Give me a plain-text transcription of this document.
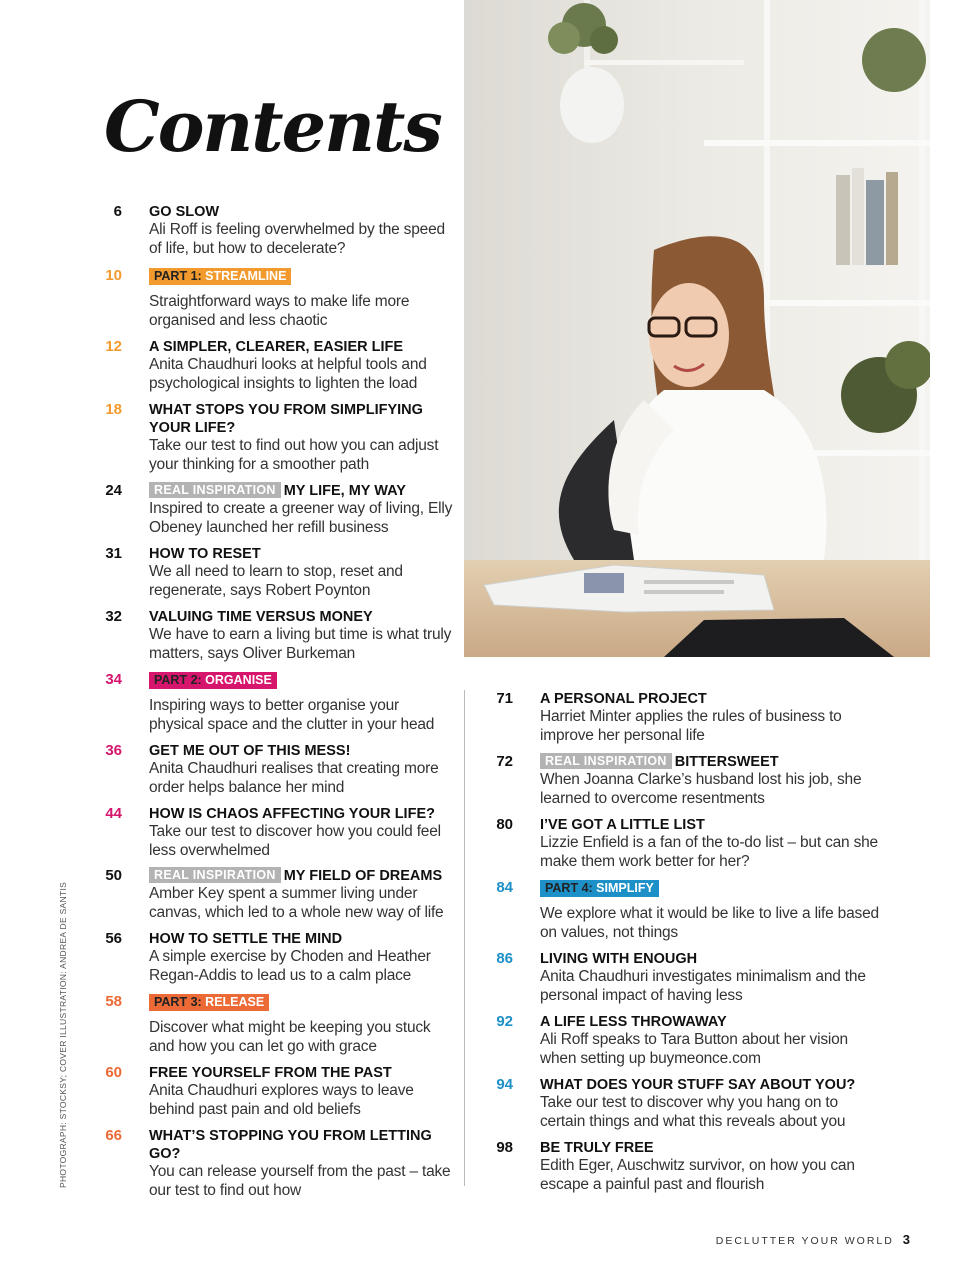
Contents
6 GO SLOW
Ali Roff is feeling overwhelmed by the speed of life, but how to decelerate?
10	PART 1: STREAMLINE
Straightforward ways to make life more organised and less chaotic
12 A SIMPLER, CLEARER, EASIER LIFE
Anita Chaudhuri looks at helpful tools and psychological insights to lighten the load
18 WHAT STOPS YOU FROM SIMPLIFYING YOUR LIFE?
Take our test to find out how you can adjust your thinking for a smoother path
24	REAL INSPIRATION MY LIFE, MY WAY
Inspired to create a greener way of living, Elly Obeney launched her refill business
31 HOW TO RESET
We all need to learn to stop, reset and regenerate, says Robert Poynton
32 VALUING TIME VERSUS MONEY
We have to earn a living but time is what truly matters, says Oliver Burkeman
34	PART 2: ORGANISE
Inspiring ways to better organise your physical space and the clutter in your head
36 GET ME OUT OF THIS MESS!
Anita Chaudhuri realises that creating more order helps balance her mind
44 HOW IS CHAOS AFFECTING YOUR LIFE?
Take our test to discover how you could feel less overwhelmed
50	REAL INSPIRATION MY FIELD OF DREAMS
Amber Key spent a summer living under canvas, which led to a whole new way of life
56 HOW TO SETTLE THE MIND
A simple exercise by Choden and Heather Regan-Addis to lead us to a calm place
58	PART 3: RELEASE
Discover what might be keeping you stuck and how you can let go with grace
60 FREE YOURSELF FROM THE PAST
Anita Chaudhuri explores ways to leave behind past pain and old beliefs
66 WHAT’S STOPPING YOU FROM LETTING GO?
You can release yourself from the past – take our test to find out how
71 A PERSONAL PROJECT
Harriet Minter applies the rules of business to improve her personal life
72	REAL INSPIRATION BITTERSWEET
When Joanna Clarke’s husband lost his job, she learned to overcome resentments
80 I’VE GOT A LITTLE LIST
Lizzie Enfield is a fan of the to-do list – but can she make them work better for her?
84	PART 4: SIMPLIFY
We explore what it would be like to live a life based on values, not things
86 LIVING WITH ENOUGH
Anita Chaudhuri investigates minimalism and the personal impact of having less
92 A LIFE LESS THROWAWAY
Ali Roff speaks to Tara Button about her vision when setting up buymeonce.com
94 WHAT DOES YOUR STUFF SAY ABOUT YOU?
Take our test to discover why you hang on to certain things and what this reveals about you
98 BE TRULY FREE
Edith Eger, Auschwitz survivor, on how you can escape a painful past and flourish
PHOTOGRAPH: STOCKSY; COVER ILLUSTRATION: ANDREA DE SANTIS
DECLUTTER YOUR WORLD 3
